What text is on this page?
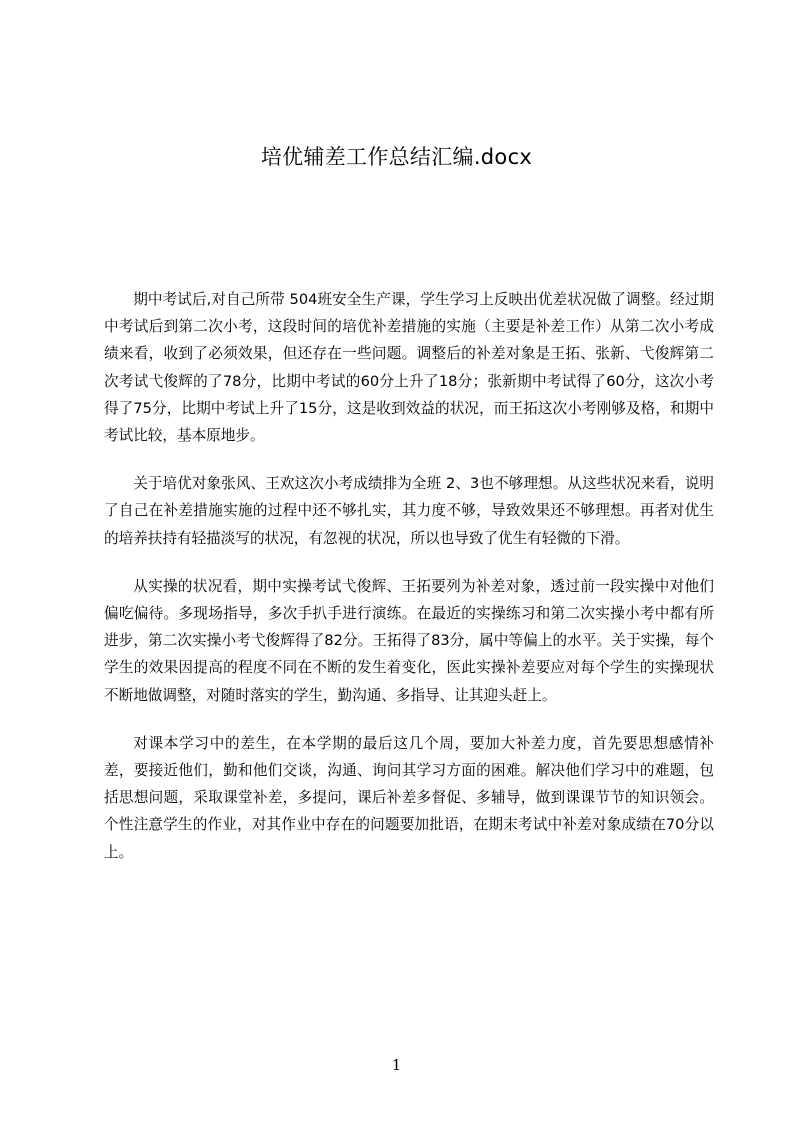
培优辅差工作总结汇编.docx

期中考试后,对自己所带 504班安全生产课，学生学习上反映出优差状况做了调整。经过期中考试后到第二次小考，这段时间的培优补差措施的实施（主要是补差工作）从第二次小考成绩来看，收到了必须效果，但还存在一些问题。调整后的补差对象是王拓、张新、弋俊辉第二次考试弋俊辉的了78分，比期中考试的60分上升了18分；张新期中考试得了60分，这次小考得了75分，比期中考试上升了15分，这是收到效益的状况，而王拓这次小考刚够及格，和期中考试比较，基本原地步。

关于培优对象张风、王欢这次小考成绩排为全班 2、3也不够理想。从这些状况来看，说明了自己在补差措施实施的过程中还不够扎实，其力度不够，导致效果还不够理想。再者对优生的培养扶持有轻描淡写的状况，有忽视的状况，所以也导致了优生有轻微的下滑。

从实操的状况看，期中实操考试弋俊辉、王拓要列为补差对象，透过前一段实操中对他们偏吃偏待。多现场指导，多次手扒手进行演练。在最近的实操练习和第二次实操小考中都有所进步，第二次实操小考弋俊辉得了82分。王拓得了83分，属中等偏上的水平。关于实操，每个学生的效果因提高的程度不同在不断的发生着变化，医此实操补差要应对每个学生的实操现状不断地做调整，对随时落实的学生，勤沟通、多指导、让其迎头赶上。

对课本学习中的差生，在本学期的最后这几个周，要加大补差力度，首先要思想感情补差，要接近他们，勤和他们交谈，沟通、询问其学习方面的困难。解决他们学习中的难题，包括思想问题，采取课堂补差，多提问，课后补差多督促、多辅导，做到课课节节的知识领会。个性注意学生的作业，对其作业中存在的问题要加批语，在期末考试中补差对象成绩在70分以上。

1
